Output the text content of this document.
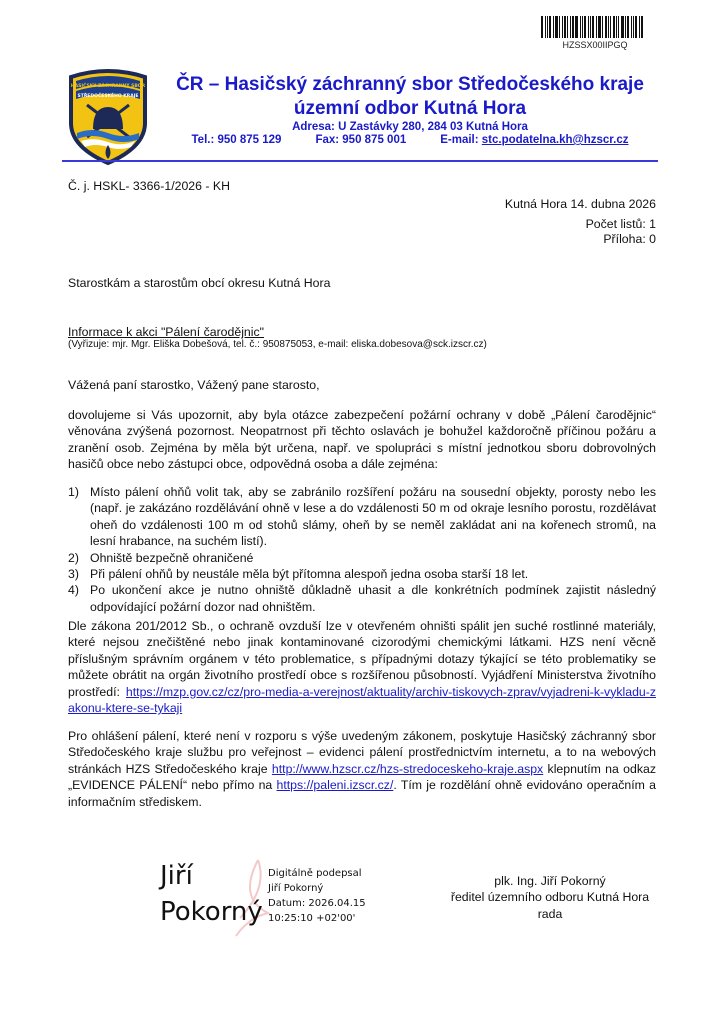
HZSSX00IIPGQ
HASIČSKÝ ZÁCHRANNÝ SBOR
STŘEDOČESKÉHO KRAJE
ČR – Hasičský záchranný sbor Středočeského kraje
územní odbor Kutná Hora
Adresa: U Zastávky 280, 284 03 Kutná Hora
Tel.: 950 875 129	Fax: 950 875 001	E-mail: stc.podatelna.kh@hzscr.cz
Č. j. HSKL- 3366-1/2026 - KH
Kutná Hora 14. dubna 2026
Počet listů: 1
Příloha: 0
Starostkám a starostům obcí okresu Kutná Hora
Informace k akci "Pálení čarodějnic"
(Vyřizuje: mjr. Mgr. Eliška Dobešová, tel. č.: 950875053, e-mail: eliska.dobesova@sck.izscr.cz)
Vážená paní starostko, Vážený pane starosto,
dovolujeme si Vás upozornit, aby byla otázce zabezpečení požární ochrany v době „Pálení čarodějnic“ věnována zvýšená pozornost. Neopatrnost při těchto oslavách je bohužel každoročně příčinou požáru a zranění osob. Zejména by měla být určena, např. ve spolupráci s místní jednotkou sboru dobrovolných hasičů obce nebo zástupci obce, odpovědná osoba a dále zejména:
1) Místo pálení ohňů volit tak, aby se zabránilo rozšíření požáru na sousední objekty, porosty nebo les (např. je zakázáno rozdělávání ohně v lese a do vzdálenosti 50 m od okraje lesního porostu, rozdělávat oheň do vzdálenosti 100 m od stohů slámy, oheň by se neměl zakládat ani na kořenech stromů, na lesní hrabance, na suchém listí).
2) Ohniště bezpečně ohraničené
3) Při pálení ohňů by neustále měla být přítomna alespoň jedna osoba starší 18 let.
4) Po ukončení akce je nutno ohniště důkladně uhasit a dle konkrétních podmínek zajistit následný odpovídající požární dozor nad ohništěm.
Dle zákona 201/2012 Sb., o ochraně ovzduší lze v otevřeném ohništi spálit jen suché rostlinné materiály, které nejsou znečištěné nebo jinak kontaminované cizorodými chemickými látkami. HZS není věcně příslušným správním orgánem v této problematice, s případnými dotazy týkající se této problematiky se můžete obrátit na orgán životního prostředí obce s rozšířenou působností. Vyjádření Ministerstva životního prostředí: https://mzp.gov.cz/cz/pro-media-a-verejnost/aktuality/archiv-tiskovych-zprav/vyjadreni-k-vykladu-zakonu-ktere-se-tykaji
Pro ohlášení pálení, které není v rozporu s výše uvedeným zákonem, poskytuje Hasičský záchranný sbor Středočeského kraje službu pro veřejnost – evidenci pálení prostřednictvím internetu, a to na webových stránkách HZS Středočeského kraje http://www.hzscr.cz/hzs-stredoceskeho-kraje.aspx klepnutím na odkaz „EVIDENCE PÁLENÍ“ nebo přímo na https://paleni.izscr.cz/. Tím je rozdělání ohně evidováno operačním a informačním střediskem.
Jiří
Pokorný
Digitálně podepsal
Jiří Pokorný
Datum: 2026.04.15
10:25:10 +02'00'
plk. Ing. Jiří Pokorný
ředitel územního odboru Kutná Hora
rada
